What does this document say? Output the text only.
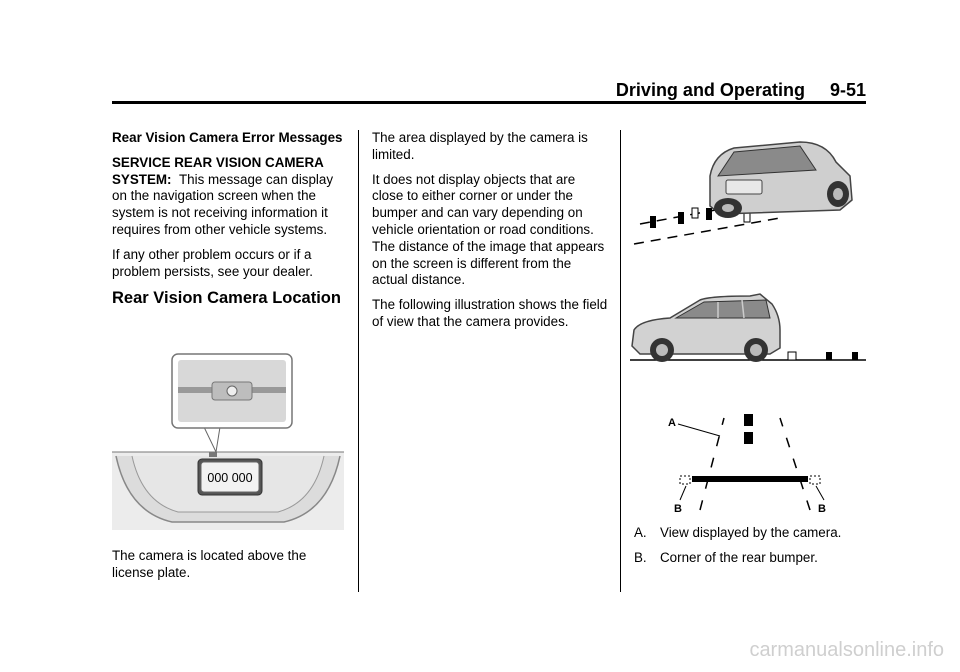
Driving and Operating 9-51

Rear Vision Camera Error Messages

SERVICE REAR VISION CAMERA SYSTEM: This message can display on the navigation screen when the system is not receiving information it requires from other vehicle systems.

If any other problem occurs or if a problem persists, see your dealer.

Rear Vision Camera Location

000 000

The camera is located above the license plate.

The area displayed by the camera is limited.

It does not display objects that are close to either corner or under the bumper and can vary depending on vehicle orientation or road conditions. The distance of the image that appears on the screen is different from the actual distance.

The following illustration shows the field of view that the camera provides.

A
B	B
A. View displayed by the camera.
B. Corner of the rear bumper.
carmanualsonline.info
